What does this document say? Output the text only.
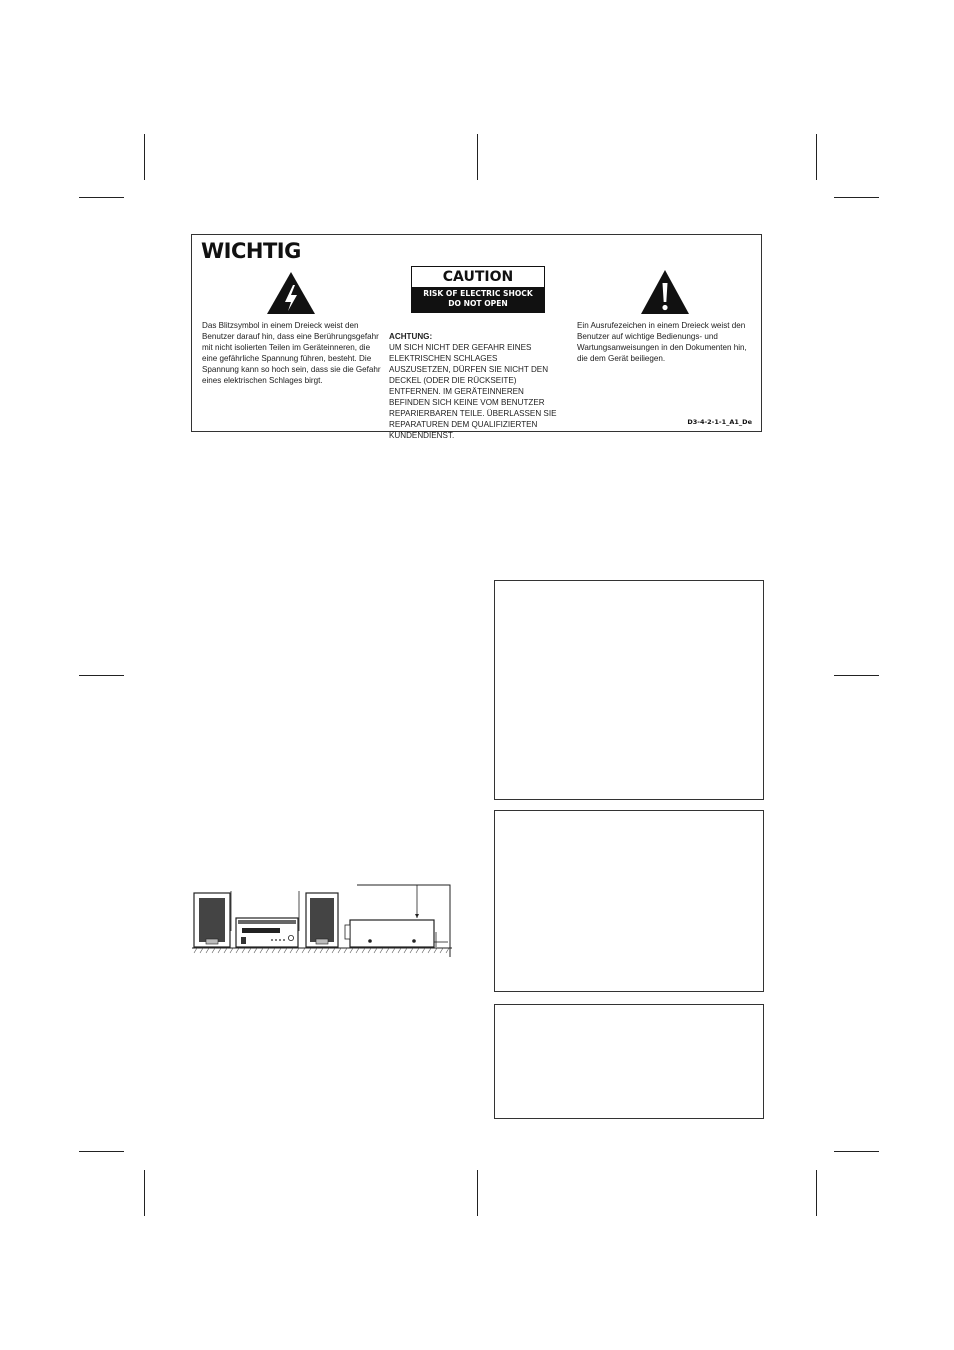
WICHTIG
CAUTION
RISK OF ELECTRIC SHOCK
DO NOT OPEN
Das Blitzsymbol in einem Dreieck weist den Benutzer darauf hin, dass eine Berührungsgefahr mit nicht isolierten Teilen im Geräteinneren, die eine gefährliche Spannung führen, besteht. Die Spannung kann so hoch sein, dass sie die Gefahr eines elektrischen Schlages birgt.

ACHTUNG:
UM SICH NICHT DER GEFAHR EINES
ELEKTRISCHEN SCHLAGES
AUSZUSETZEN, DÜRFEN SIE NICHT DEN
DECKEL (ODER DIE RÜCKSEITE)
ENTFERNEN. IM GERÄTEINNEREN
BEFINDEN SICH KEINE VOM BENUTZER
REPARIERBAREN TEILE. ÜBERLASSEN SIE
REPARATUREN DEM QUALIFIZIERTEN
KUNDENDIENST.

Ein Ausrufezeichen in einem Dreieck weist den Benutzer auf wichtige Bedienungs- und Wartungsanweisungen in den Dokumenten hin, die dem Gerät beiliegen.
D3-4-2-1-1_A1_De
